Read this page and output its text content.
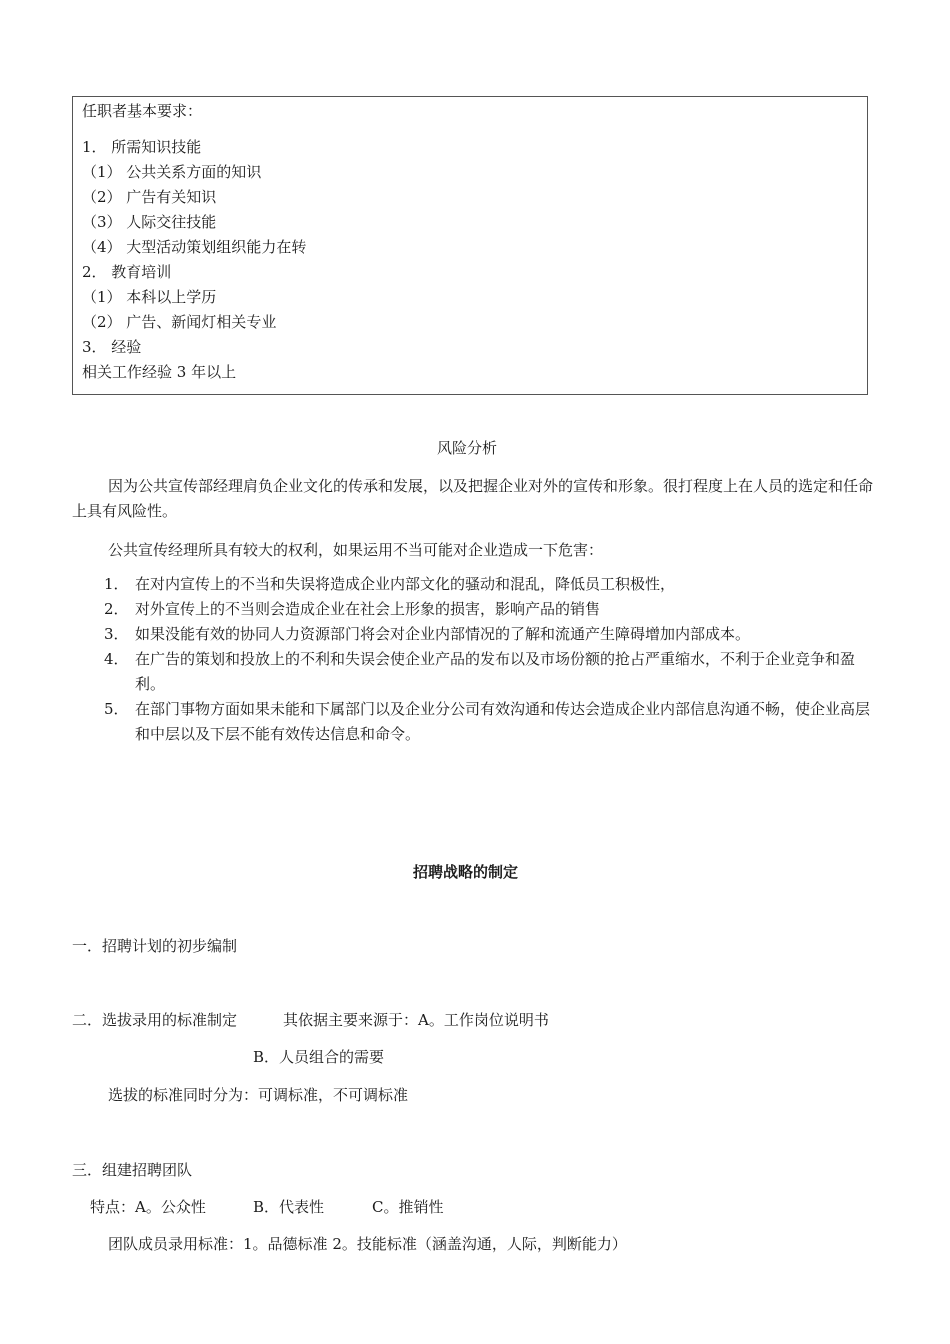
任职者基本要求：
1． 所需知识技能
（1） 公共关系方面的知识
（2） 广告有关知识
（3） 人际交往技能
（4） 大型活动策划组织能力在转
2． 教育培训
（1） 本科以上学历
（2） 广告、新闻灯相关专业
3． 经验
相关工作经验 3 年以上
风险分析
因为公共宣传部经理肩负企业文化的传承和发展，以及把握企业对外的宣传和形象。很打程度上在人员的选定和任命上具有风险性。
公共宣传经理所具有较大的权利，如果运用不当可能对企业造成一下危害：
1． 在对内宣传上的不当和失误将造成企业内部文化的骚动和混乱，降低员工积极性，
2． 对外宣传上的不当则会造成企业在社会上形象的损害，影响产品的销售
3． 如果没能有效的协同人力资源部门将会对企业内部情况的了解和流通产生障碍增加内部成本。
4． 在广告的策划和投放上的不利和失误会使企业产品的发布以及市场份额的抢占严重缩水，不利于企业竞争和盈利。
5． 在部门事物方面如果未能和下属部门以及企业分公司有效沟通和传达会造成企业内部信息沟通不畅，使企业高层和中层以及下层不能有效传达信息和命令。
招聘战略的制定
一．招聘计划的初步编制
二．选拔录用的标准制定	其依据主要来源于：A。工作岗位说明书
B．人员组合的需要
选拔的标准同时分为：可调标准，不可调标准
三．组建招聘团队
特点：A。公众性	B．代表性	C。推销性
团队成员录用标准：1。品德标准 2。技能标准（涵盖沟通，人际，判断能力）
